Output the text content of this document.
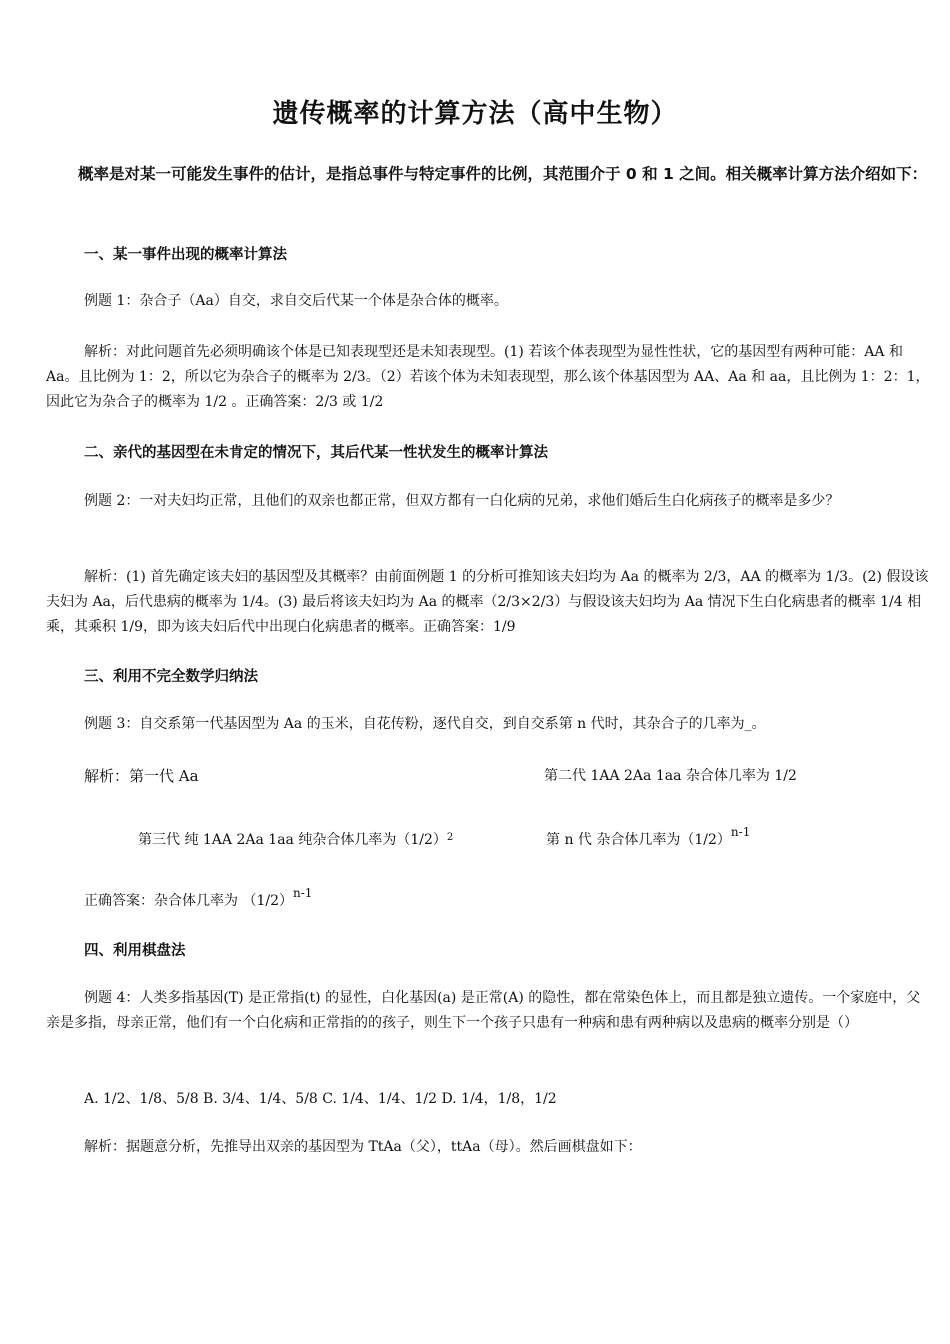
遗传概率的计算方法（高中生物）

概率是对某一可能发生事件的估计，是指总事件与特定事件的比例，其范围介于 0 和 1 之间。相关概率计算方法介绍如下：

一、某一事件出现的概率计算法

例题 1：杂合子（Aa）自交，求自交后代某一个体是杂合体的概率。

解析：对此问题首先必须明确该个体是已知表现型还是未知表现型。(1) 若该个体表现型为显性性状，它的基因型有两种可能：AA 和 Aa。且比例为 1：2，所以它为杂合子的概率为 2/3。（2）若该个体为未知表现型，那么该个体基因型为 AA、Aa 和 aa，且比例为 1：2：1，因此它为杂合子的概率为 1/2 。正确答案：2/3 或 1/2

二、亲代的基因型在未肯定的情况下，其后代某一性状发生的概率计算法

例题 2：一对夫妇均正常，且他们的双亲也都正常，但双方都有一白化病的兄弟，求他们婚后生白化病孩子的概率是多少？

解析：(1) 首先确定该夫妇的基因型及其概率？由前面例题 1 的分析可推知该夫妇均为 Aa 的概率为 2/3，AA 的概率为 1/3。(2) 假设该夫妇为 Aa，后代患病的概率为 1/4。(3) 最后将该夫妇均为 Aa 的概率（2/3×2/3）与假设该夫妇均为 Aa 情况下生白化病患者的概率 1/4 相乘，其乘积 1/9，即为该夫妇后代中出现白化病患者的概率。正确答案：1/9

三、利用不完全数学归纳法

例题 3：自交系第一代基因型为 Aa 的玉米，自花传粉，逐代自交，到自交系第 n 代时，其杂合子的几率为_。

解析：第一代 Aa	第二代 1AA 2Aa 1aa 杂合体几率为 1/2

第三代 纯 1AA 2Aa 1aa 纯杂合体几率为$(1/2)^2$	第 n 代 杂合体几率为$(1/2)^{n-1}$

正确答案：杂合体几率为 $(1/2)^{n-1}$

四、利用棋盘法

例题 4：人类多指基因(T) 是正常指(t) 的显性，白化基因(a) 是正常(A) 的隐性，都在常染色体上，而且都是独立遗传。一个家庭中，父亲是多指，母亲正常，他们有一个白化病和正常指的的孩子，则生下一个孩子只患有一种病和患有两种病以及患病的概率分别是（）

A. 1/2、1/8、5/8 B. 3/4、1/4、5/8 C. 1/4、1/4、1/2 D. 1/4，1/8，1/2

解析：据题意分析，先推导出双亲的基因型为 TtAa（父），ttAa（母）。然后画棋盘如下：
